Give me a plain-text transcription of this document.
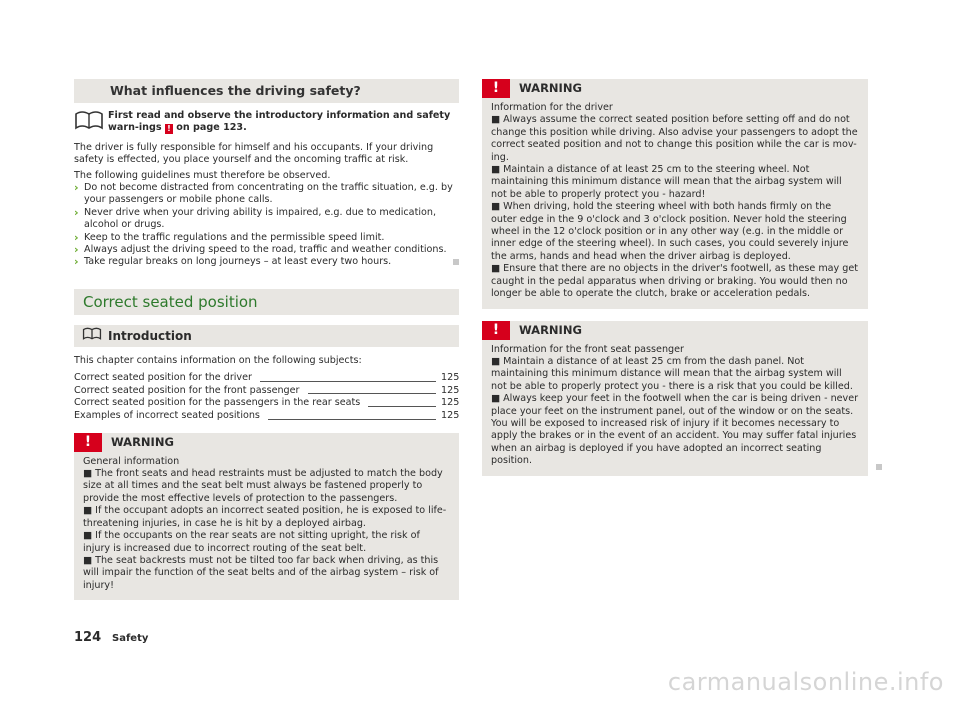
What influences the driving safety?
First read and observe the introductory information and safety warn-ings ! on page 123.

The driver is fully responsible for himself and his occupants. If your driving safety is effected, you place yourself and the oncoming traffic at risk.

The following guidelines must therefore be observed.

› Do not become distracted from concentrating on the traffic situation, e.g. by your passengers or mobile phone calls.
› Never drive when your driving ability is impaired, e.g. due to medication, alcohol or drugs.
› Keep to the traffic regulations and the permissible speed limit.
› Always adjust the driving speed to the road, traffic and weather conditions.
› Take regular breaks on long journeys – at least every two hours.
Correct seated position
Introduction

This chapter contains information on the following subjects:

Correct seated position for the driver	125
Correct seated position for the front passenger	125
Correct seated position for the passengers in the rear seats	125
Examples of incorrect seated positions	125
!	WARNING

General information

■ The front seats and head restraints must be adjusted to match the body size at all times and the seat belt must always be fastened properly to provide the most effective levels of protection to the passengers.

■ If the occupant adopts an incorrect seated position, he is exposed to life-threatening injuries, in case he is hit by a deployed airbag.

■ If the occupants on the rear seats are not sitting upright, the risk of injury is increased due to incorrect routing of the seat belt.

■ The seat backrests must not be tilted too far back when driving, as this will impair the function of the seat belts and of the airbag system – risk of injury!

!	WARNING

Information for the driver

■ Always assume the correct seated position before setting off and do not change this position while driving. Also advise your passengers to adopt the correct seated position and not to change this position while the car is mov-ing.

■ Maintain a distance of at least 25 cm to the steering wheel. Not maintaining this minimum distance will mean that the airbag system will not be able to properly protect you - hazard!

■ When driving, hold the steering wheel with both hands firmly on the outer edge in the 9 o'clock and 3 o'clock position. Never hold the steering wheel in the 12 o'clock position or in any other way (e.g. in the middle or inner edge of the steering wheel). In such cases, you could severely injure the arms, hands and head when the driver airbag is deployed.

■ Ensure that there are no objects in the driver's footwell, as these may get caught in the pedal apparatus when driving or braking. You would then no longer be able to operate the clutch, brake or acceleration pedals.

!	WARNING

Information for the front seat passenger

■ Maintain a distance of at least 25 cm from the dash panel. Not maintaining this minimum distance will mean that the airbag system will not be able to properly protect you - there is a risk that you could be killed.

■ Always keep your feet in the footwell when the car is being driven - never place your feet on the instrument panel, out of the window or on the seats. You will be exposed to increased risk of injury if it becomes necessary to apply the brakes or in the event of an accident. You may suffer fatal injuries when an airbag is deployed if you have adopted an incorrect seating position.

124 Safety
carmanualsonline.info
